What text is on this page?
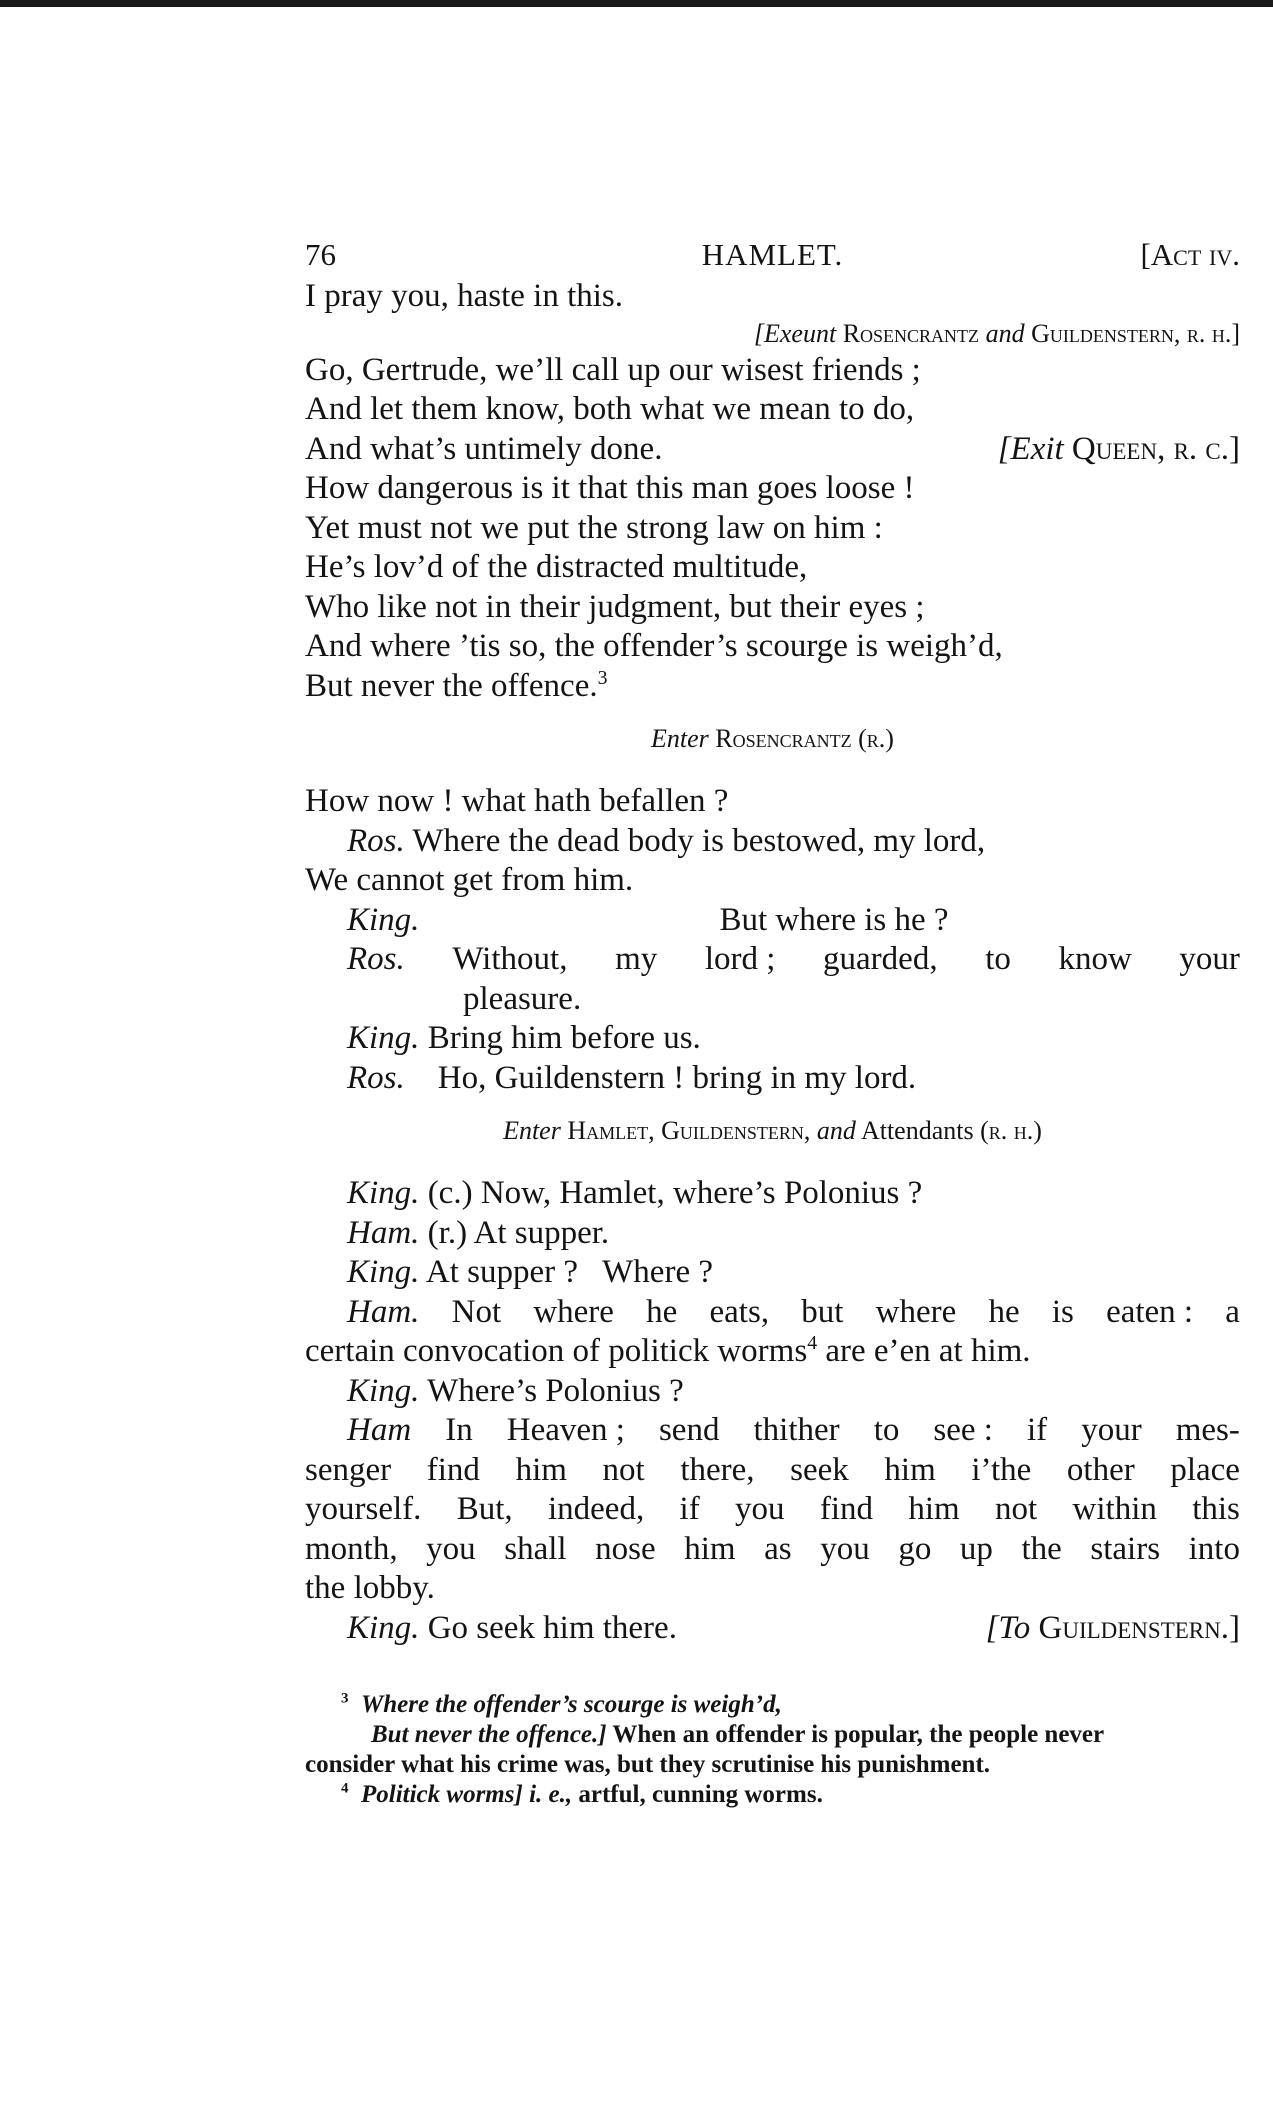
76	HAMLET.	[Act iv.
I pray you, haste in this.
[Exeunt Rosencrantz and Guildenstern, r. h.]
Go, Gertrude, we’ll call up our wisest friends ;
And let them know, both what we mean to do,
And what’s untimely done.	[Exit Queen, r. c.]
How dangerous is it that this man goes loose !
Yet must not we put the strong law on him :
He’s lov’d of the distracted multitude,
Who like not in their judgment, but their eyes ;
And where ’tis so, the offender’s scourge is weigh’d,
But never the offence.$^3$
Enter Rosencrantz (r.)
How now ! what hath befallen ?
Ros. Where the dead body is bestowed, my lord,
We cannot get from him.
King.	But where is he ?
Ros. Without, my lord ; guarded, to know your
pleasure.
King. Bring him before us.
Ros. Ho, Guildenstern ! bring in my lord.
Enter Hamlet, Guildenstern, and Attendants (r. h.)
King. (c.) Now, Hamlet, where’s Polonius ?
Ham. (r.) At supper.
King. At supper ?   Where ?
Ham. Not where he eats, but where he is eaten : a
certain convocation of politick worms$^4$ are e’en at him.
King. Where’s Polonius ?
Ham In Heaven ; send thither to see : if your mes-
senger find him not there, seek him i’the other place
yourself. But, indeed, if you find him not within this
month, you shall nose him as you go up the stairs into
the lobby.
King. Go seek him there.	[To Guildenstern.]
$^3$ Where the offender’s scourge is weigh’d,
But never the offence.] When an offender is popular, the people never
consider what his crime was, but they scrutinise his punishment.
$^4$ Politick worms] i. e., artful, cunning worms.
